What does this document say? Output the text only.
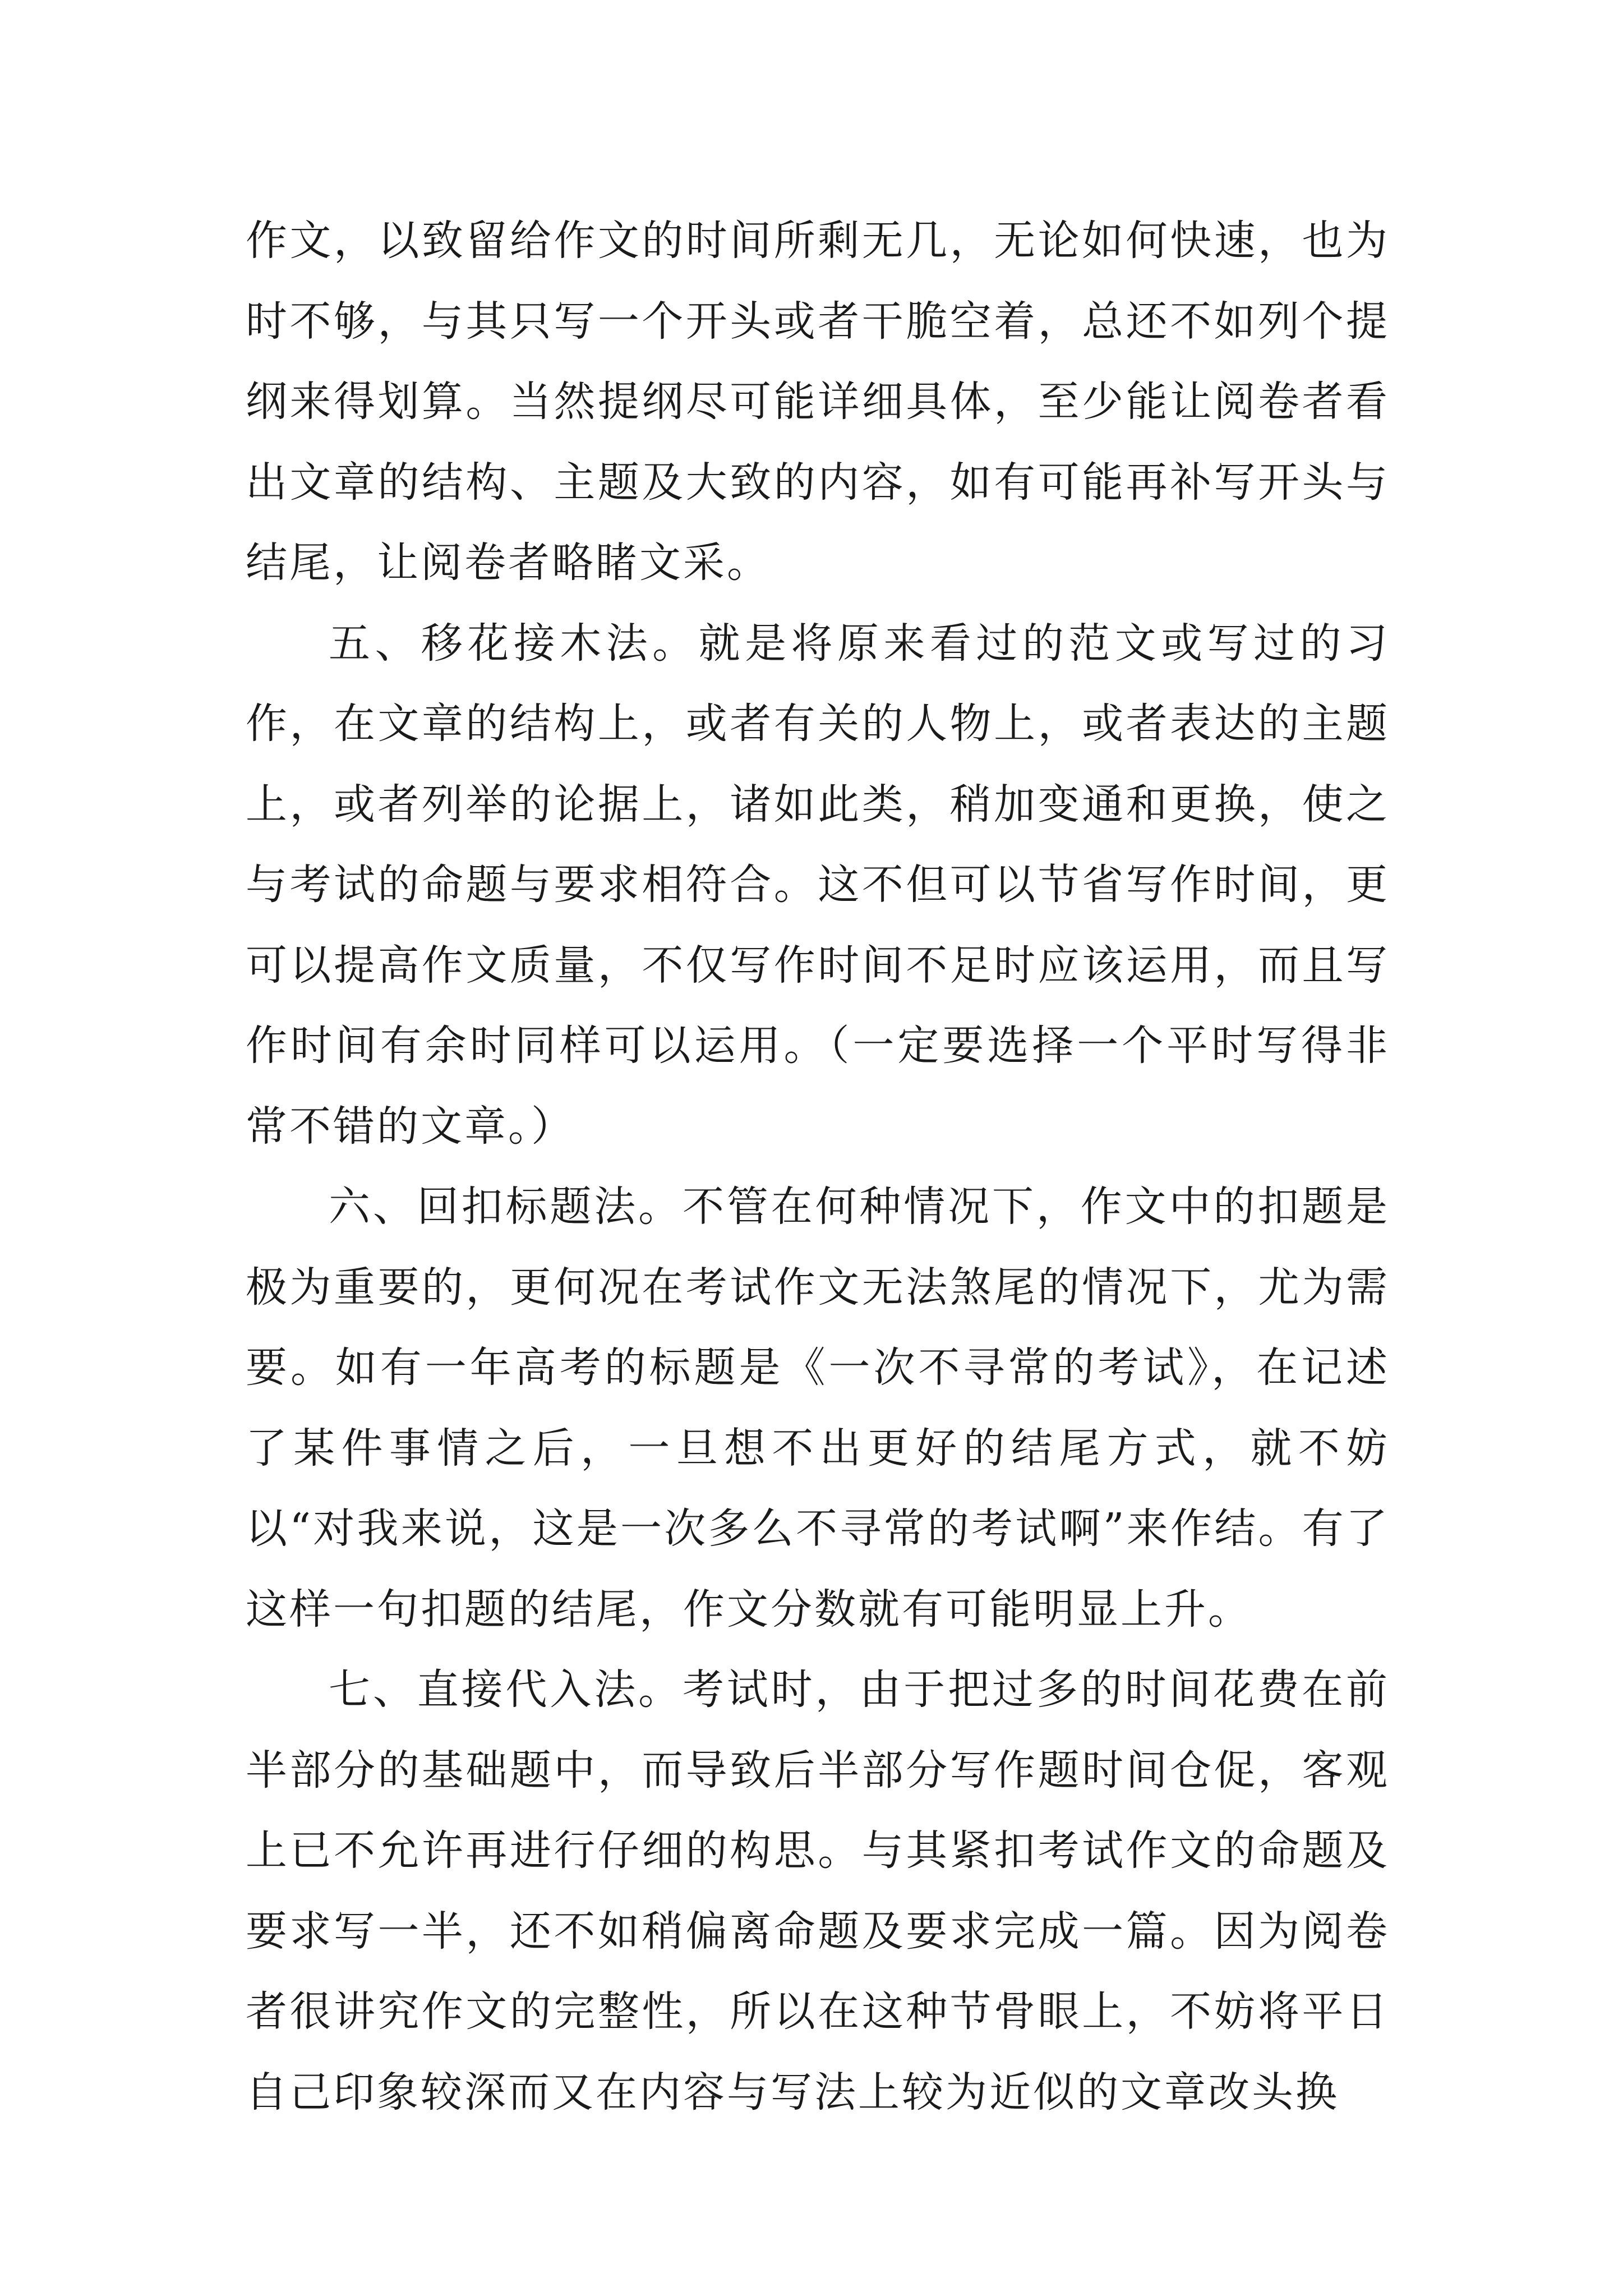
作文，以致留给作文的时间所剩无几，无论如何快速，也为时不够，与其只写一个开头或者干脆空着，总还不如列个提纲来得划算。当然提纲尽可能详细具体，至少能让阅卷者看出文章的结构、主题及大致的内容，如有可能再补写开头与结尾，让阅卷者略睹文采。

五、移花接木法。就是将原来看过的范文或写过的习作，在文章的结构上，或者有关的人物上，或者表达的主题上，或者列举的论据上，诸如此类，稍加变通和更换，使之与考试的命题与要求相符合。这不但可以节省写作时间，更可以提高作文质量，不仅写作时间不足时应该运用，而且写作时间有余时同样可以运用。（一定要选择一个平时写得非常不错的文章。）

六、回扣标题法。不管在何种情况下，作文中的扣题是极为重要的，更何况在考试作文无法煞尾的情况下，尤为需要。如有一年高考的标题是《一次不寻常的考试》，在记述了某件事情之后，一旦想不出更好的结尾方式，就不妨以“对我来说，这是一次多么不寻常的考试啊”来作结。有了这样一句扣题的结尾，作文分数就有可能明显上升。

七、直接代入法。考试时，由于把过多的时间花费在前半部分的基础题中，而导致后半部分写作题时间仓促，客观上已不允许再进行仔细的构思。与其紧扣考试作文的命题及要求写一半，还不如稍偏离命题及要求完成一篇。因为阅卷者很讲究作文的完整性，所以在这种节骨眼上，不妨将平日自己印象较深而又在内容与写法上较为近似的文章改头换
